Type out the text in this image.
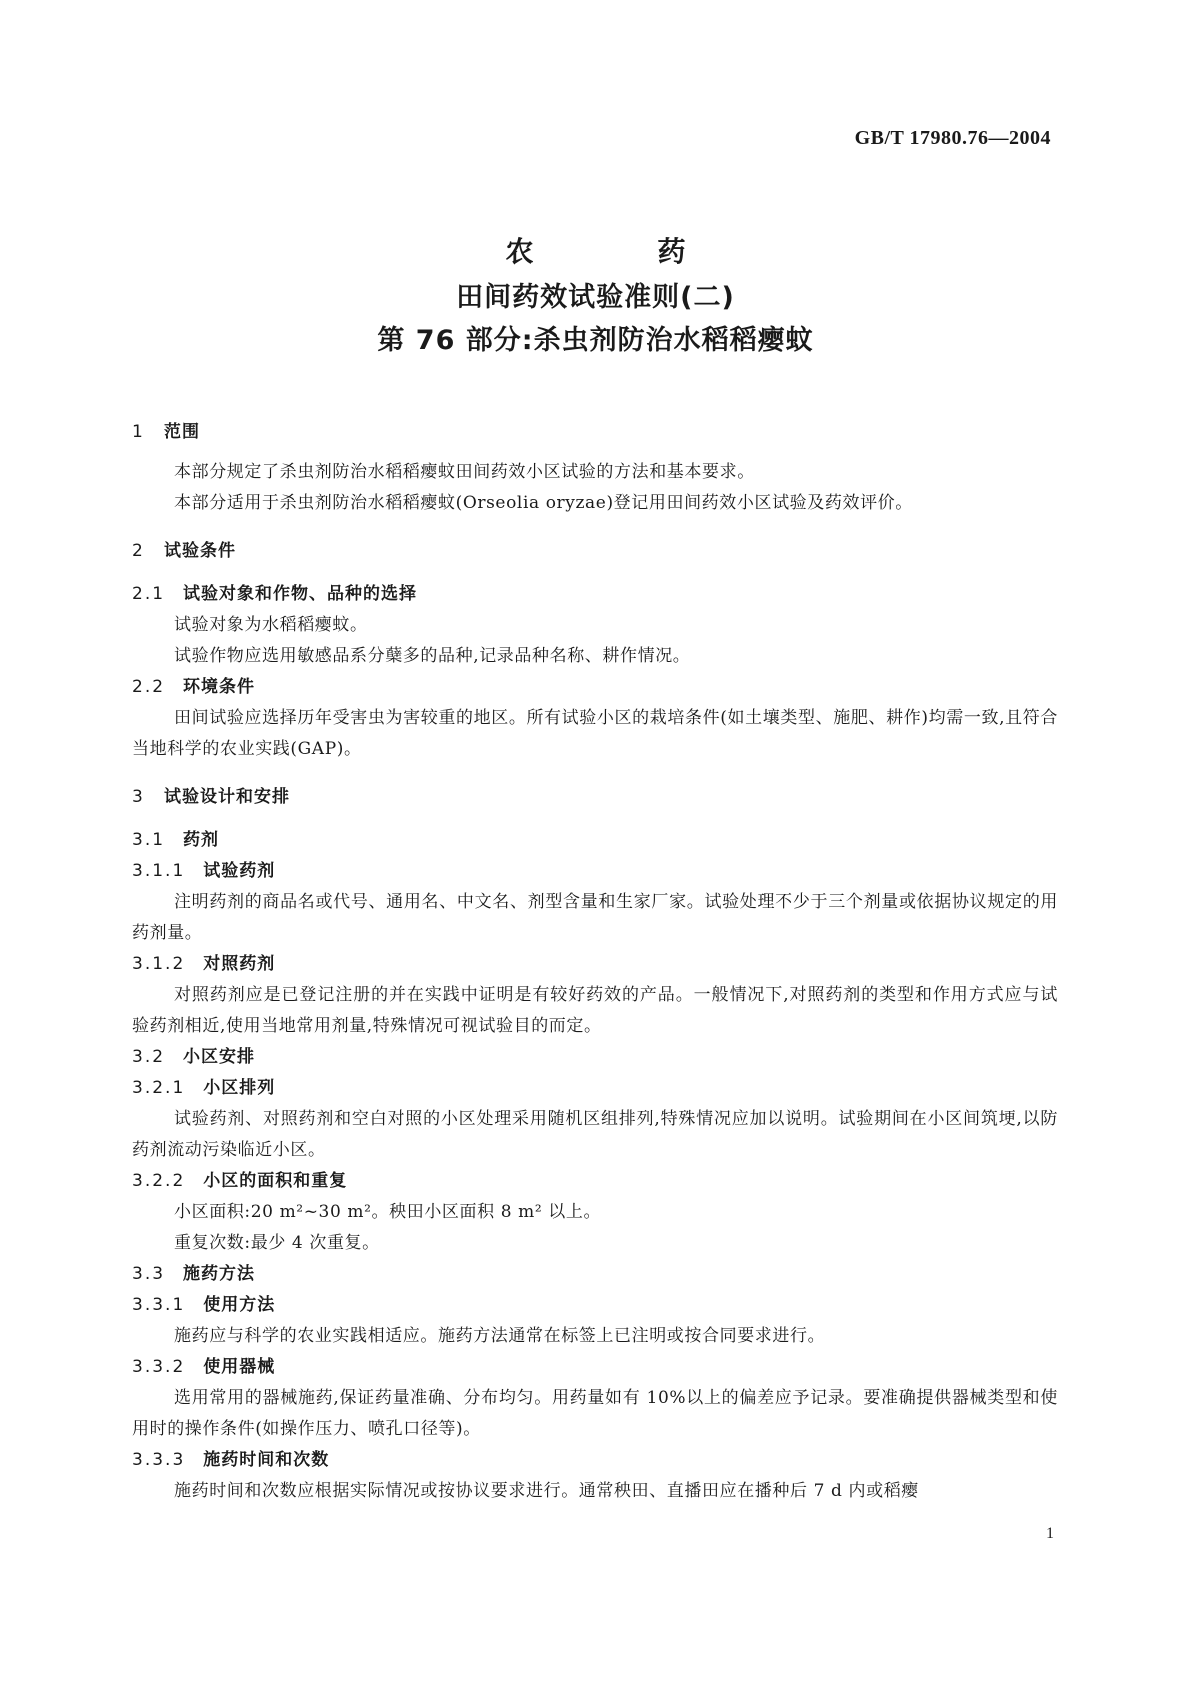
GB/T 17980.76—2004
农　药
田间药效试验准则(二)
第 76 部分:杀虫剂防治水稻稻瘿蚊
1 范围
本部分规定了杀虫剂防治水稻稻瘿蚊田间药效小区试验的方法和基本要求。
本部分适用于杀虫剂防治水稻稻瘿蚊(Orseolia oryzae)登记用田间药效小区试验及药效评价。
2 试验条件
2.1 试验对象和作物、品种的选择
试验对象为水稻稻瘿蚊。
试验作物应选用敏感品系分蘖多的品种,记录品种名称、耕作情况。
2.2 环境条件
田间试验应选择历年受害虫为害较重的地区。所有试验小区的栽培条件(如土壤类型、施肥、耕作)均需一致,且符合当地科学的农业实践(GAP)。
3 试验设计和安排
3.1 药剂
3.1.1 试验药剂
注明药剂的商品名或代号、通用名、中文名、剂型含量和生家厂家。试验处理不少于三个剂量或依据协议规定的用药剂量。
3.1.2 对照药剂
对照药剂应是已登记注册的并在实践中证明是有较好药效的产品。一般情况下,对照药剂的类型和作用方式应与试验药剂相近,使用当地常用剂量,特殊情况可视试验目的而定。
3.2 小区安排
3.2.1 小区排列
试验药剂、对照药剂和空白对照的小区处理采用随机区组排列,特殊情况应加以说明。试验期间在小区间筑埂,以防药剂流动污染临近小区。
3.2.2 小区的面积和重复
小区面积:20 m²~30 m²。秧田小区面积 8 m² 以上。
重复次数:最少 4 次重复。
3.3 施药方法
3.3.1 使用方法
施药应与科学的农业实践相适应。施药方法通常在标签上已注明或按合同要求进行。
3.3.2 使用器械
选用常用的器械施药,保证药量准确、分布均匀。用药量如有 10%以上的偏差应予记录。要准确提供器械类型和使用时的操作条件(如操作压力、喷孔口径等)。
3.3.3 施药时间和次数
施药时间和次数应根据实际情况或按协议要求进行。通常秧田、直播田应在播种后 7 d 内或稻瘿
1
